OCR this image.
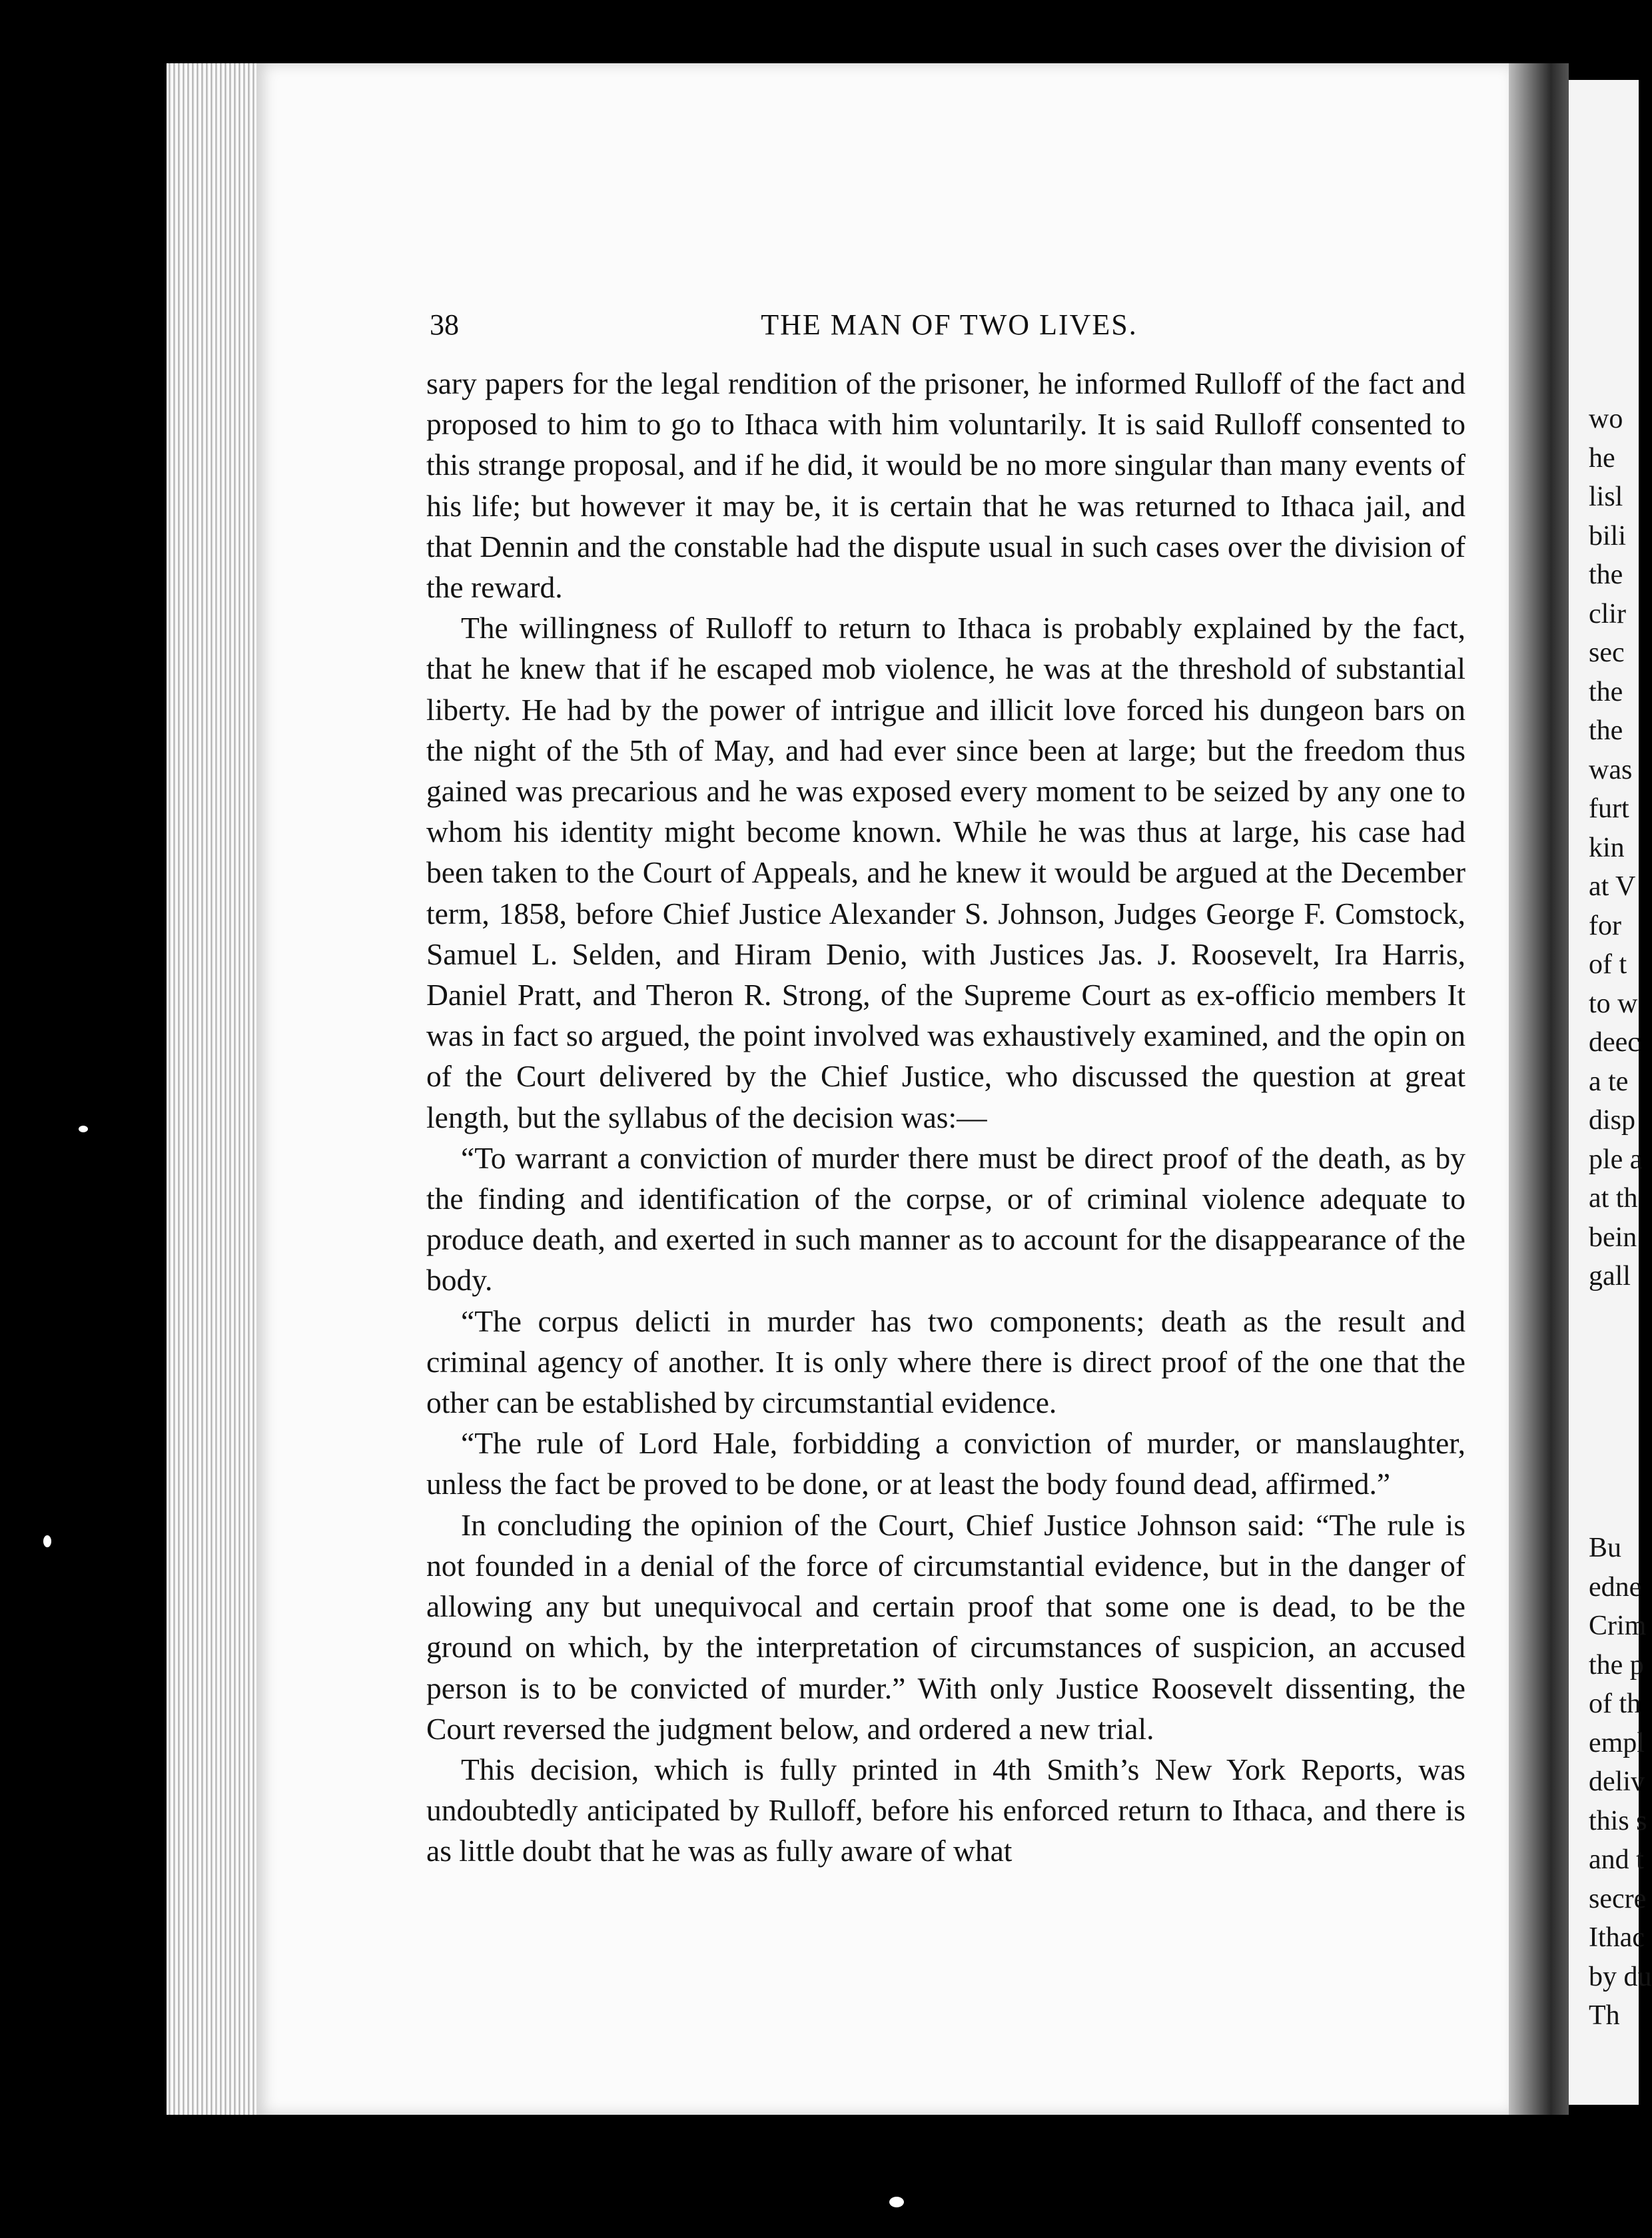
38	THE MAN OF TWO LIVES.

sary papers for the legal rendition of the prisoner, he informed Rulloff of the fact and proposed to him to go to Ithaca with him voluntarily. It is said Rulloff consented to this strange proposal, and if he did, it would be no more singular than many events of his life; but however it may be, it is certain that he was returned to Ithaca jail, and that Dennin and the constable had the dispute usual in such cases over the division of the reward.

The willingness of Rulloff to return to Ithaca is probably explained by the fact, that he knew that if he escaped mob violence, he was at the threshold of substantial liberty. He had by the power of intrigue and illicit love forced his dungeon bars on the night of the 5th of May, and had ever since been at large; but the freedom thus gained was precarious and he was exposed every moment to be seized by any one to whom his identity might become known. While he was thus at large, his case had been taken to the Court of Appeals, and he knew it would be argued at the December term, 1858, before Chief Justice Alexander S. Johnson, Judges George F. Comstock, Samuel L. Selden, and Hiram Denio, with Justices Jas. J. Roosevelt, Ira Harris, Daniel Pratt, and Theron R. Strong, of the Supreme Court as ex-officio members It was in fact so argued, the point involved was exhaustively examined, and the opin on of the Court delivered by the Chief Justice, who discussed the question at great length, but the syllabus of the decision was:—

“To warrant a conviction of murder there must be direct proof of the death, as by the finding and identification of the corpse, or of criminal violence adequate to produce death, and exerted in such manner as to account for the disappearance of the body.

“The corpus delicti in murder has two components; death as the result and criminal agency of another. It is only where there is direct proof of the one that the other can be established by circumstantial evidence.

“The rule of Lord Hale, forbidding a conviction of murder, or manslaughter, unless the fact be proved to be done, or at least the body found dead, affirmed.”

In concluding the opinion of the Court, Chief Justice Johnson said: “The rule is not founded in a denial of the force of circumstantial evidence, but in the danger of allowing any but unequivocal and certain proof that some one is dead, to be the ground on which, by the interpretation of circumstances of suspicion, an accused person is to be convicted of murder.” With only Justice Roosevelt dissenting, the Court reversed the judgment below, and ordered a new trial.

This decision, which is fully printed in 4th Smith’s New York Reports, was undoubtedly anticipated by Rulloff, before his enforced return to Ithaca, and there is as little doubt that he was as fully aware of what

wo
he
lisl
bili
the
clir
sec
the
the
was
furt
kin
at V
for
of t
to w
deec
a te
disp
ple a
at th
bein
gall
Bu
edne
Crim
the p
of th
empl
deliv
this s
and t
secre
Ithac
by du
Th
